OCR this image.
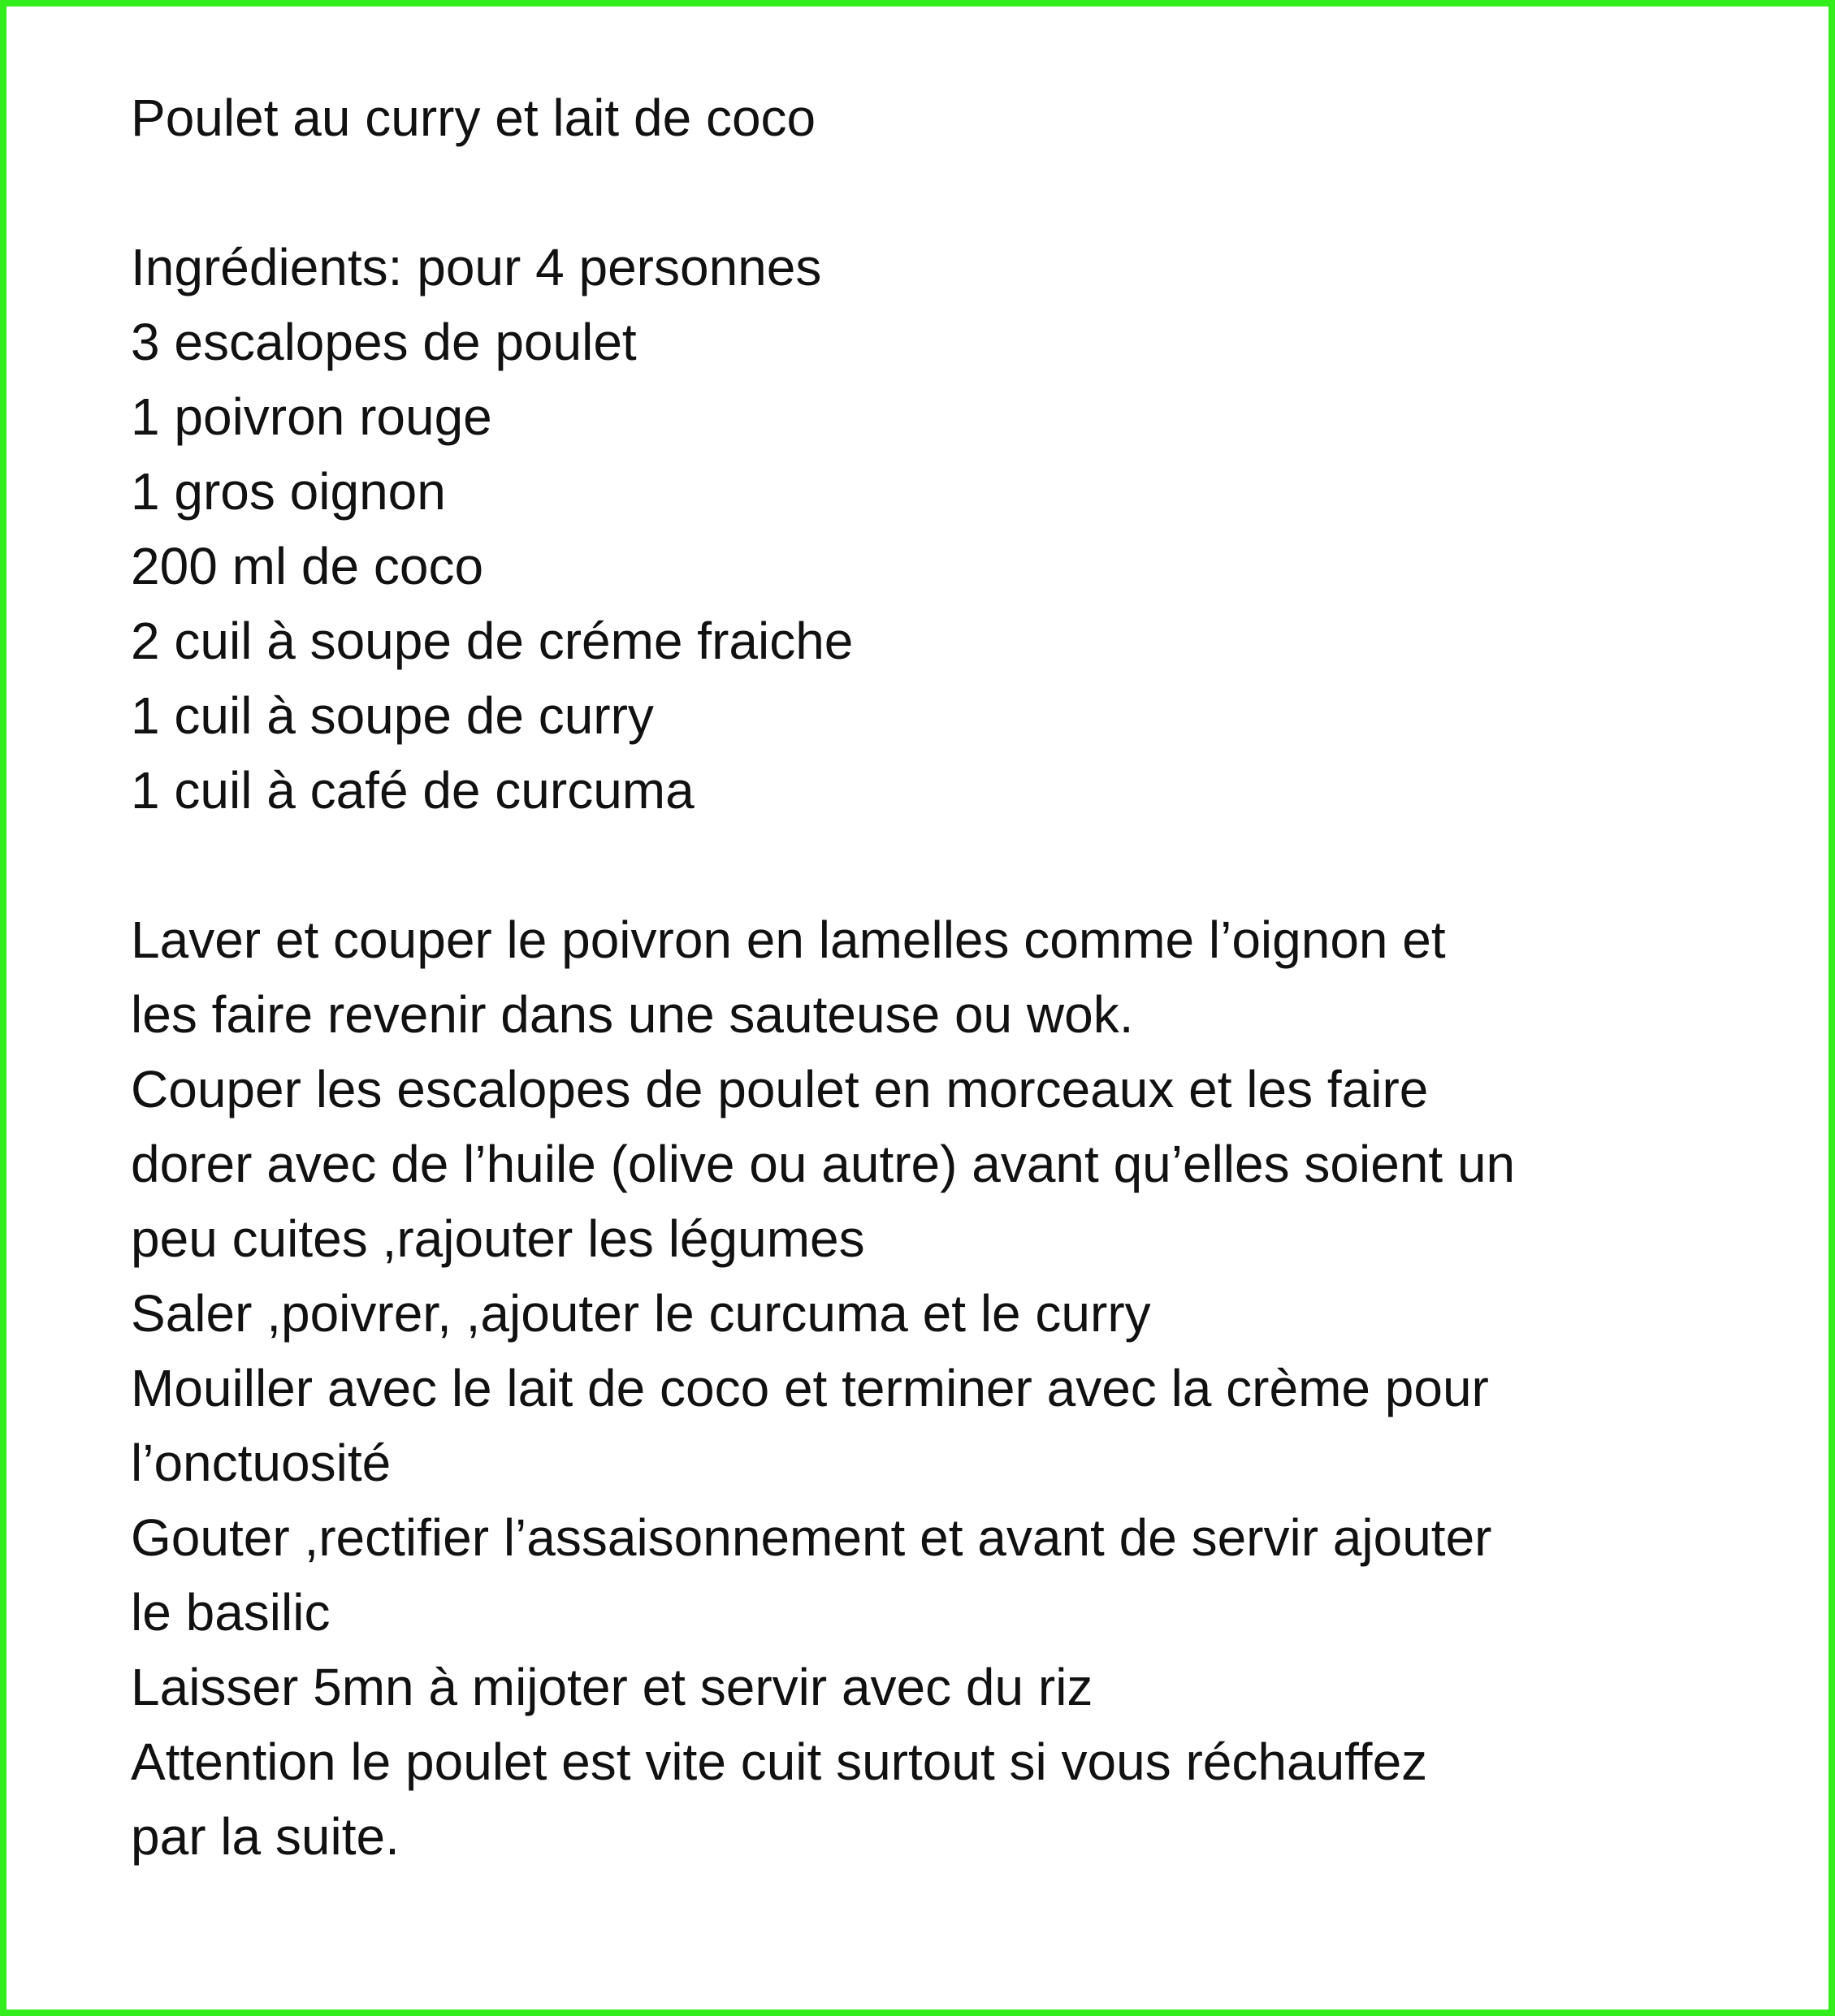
Poulet au curry et lait de coco
Ingrédients: pour 4 personnes
3 escalopes de poulet
1 poivron rouge
1 gros oignon
200 ml de coco
2 cuil à soupe de créme fraiche
1 cuil à soupe de curry
1 cuil à café de curcuma
Laver et couper le poivron en lamelles comme l’oignon et
les faire revenir dans une sauteuse ou wok.
Couper les escalopes de poulet en morceaux et les faire
dorer avec de l’huile (olive ou autre) avant qu’elles soient un
peu cuites ,rajouter les légumes
Saler ,poivrer, ,ajouter le curcuma et le curry
Mouiller avec le lait de coco et terminer avec la crème pour
l’onctuosité
Gouter ,rectifier l’assaisonnement et avant de servir ajouter
le basilic
Laisser 5mn à mijoter et servir avec du riz
Attention le poulet est vite cuit surtout si vous réchauffez
par la suite.
